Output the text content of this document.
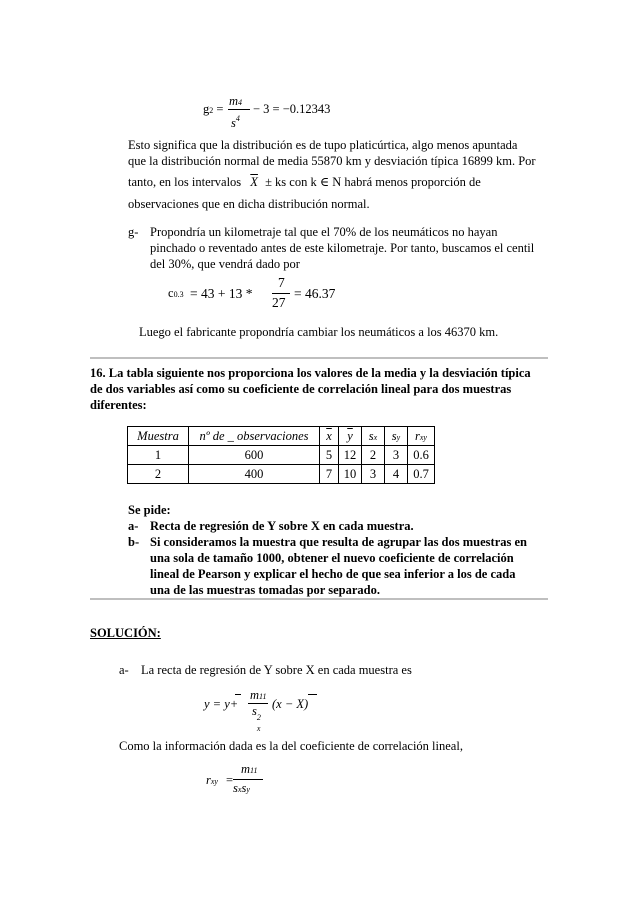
g2 =
m4
$s^4$
− 3 = −0.12343
Esto significa que la distribución es de tupo platicúrtica, algo menos apuntada
que la distribución normal de media 55870 km y desviación típica 16899 km. Por
tanto, en los intervalos $\overline{X}$ ± ks con k ∈ N habrá menos proporción de
observaciones que en dicha distribución normal.
g- Propondría un kilometraje tal que el 70% de los neumáticos no hayan
pinchado o reventado antes de este kilometraje. Por tanto, buscamos el centil
del 30%, que vendrá dado por
c0.3 = 43 + 13 *
7
27
= 46.37
Luego el fabricante propondría cambiar los neumáticos a los 46370 km.
16. La tabla siguiente nos proporciona los valores de la media y la desviación típica
de dos variables así como su coeficiente de correlación lineal para dos muestras
diferentes:
Muestra	nº de _ observaciones	$\overline{x}$	$\overline{y}$	sx	sy	rxy
1	600	5	12	2	3	0.6
2	400	7	10	3	4	0.7
Se pide:
a- Recta de regresión de Y sobre X en cada muestra.
b- Si consideramos la muestra que resulta de agrupar las dos muestras en
una sola de tamaño 1000, obtener el nuevo coeficiente de correlación
lineal de Pearson y explicar el hecho de que sea inferior a los de cada
una de las muestras tomadas por separado.
SOLUCIÓN:
a- La recta de regresión de Y sobre X en cada muestra es
y = y+
m11
s 2
x
(x − X)
Como la información dada es la del coeficiente de correlación lineal,
rxy =
m11
sxsy
